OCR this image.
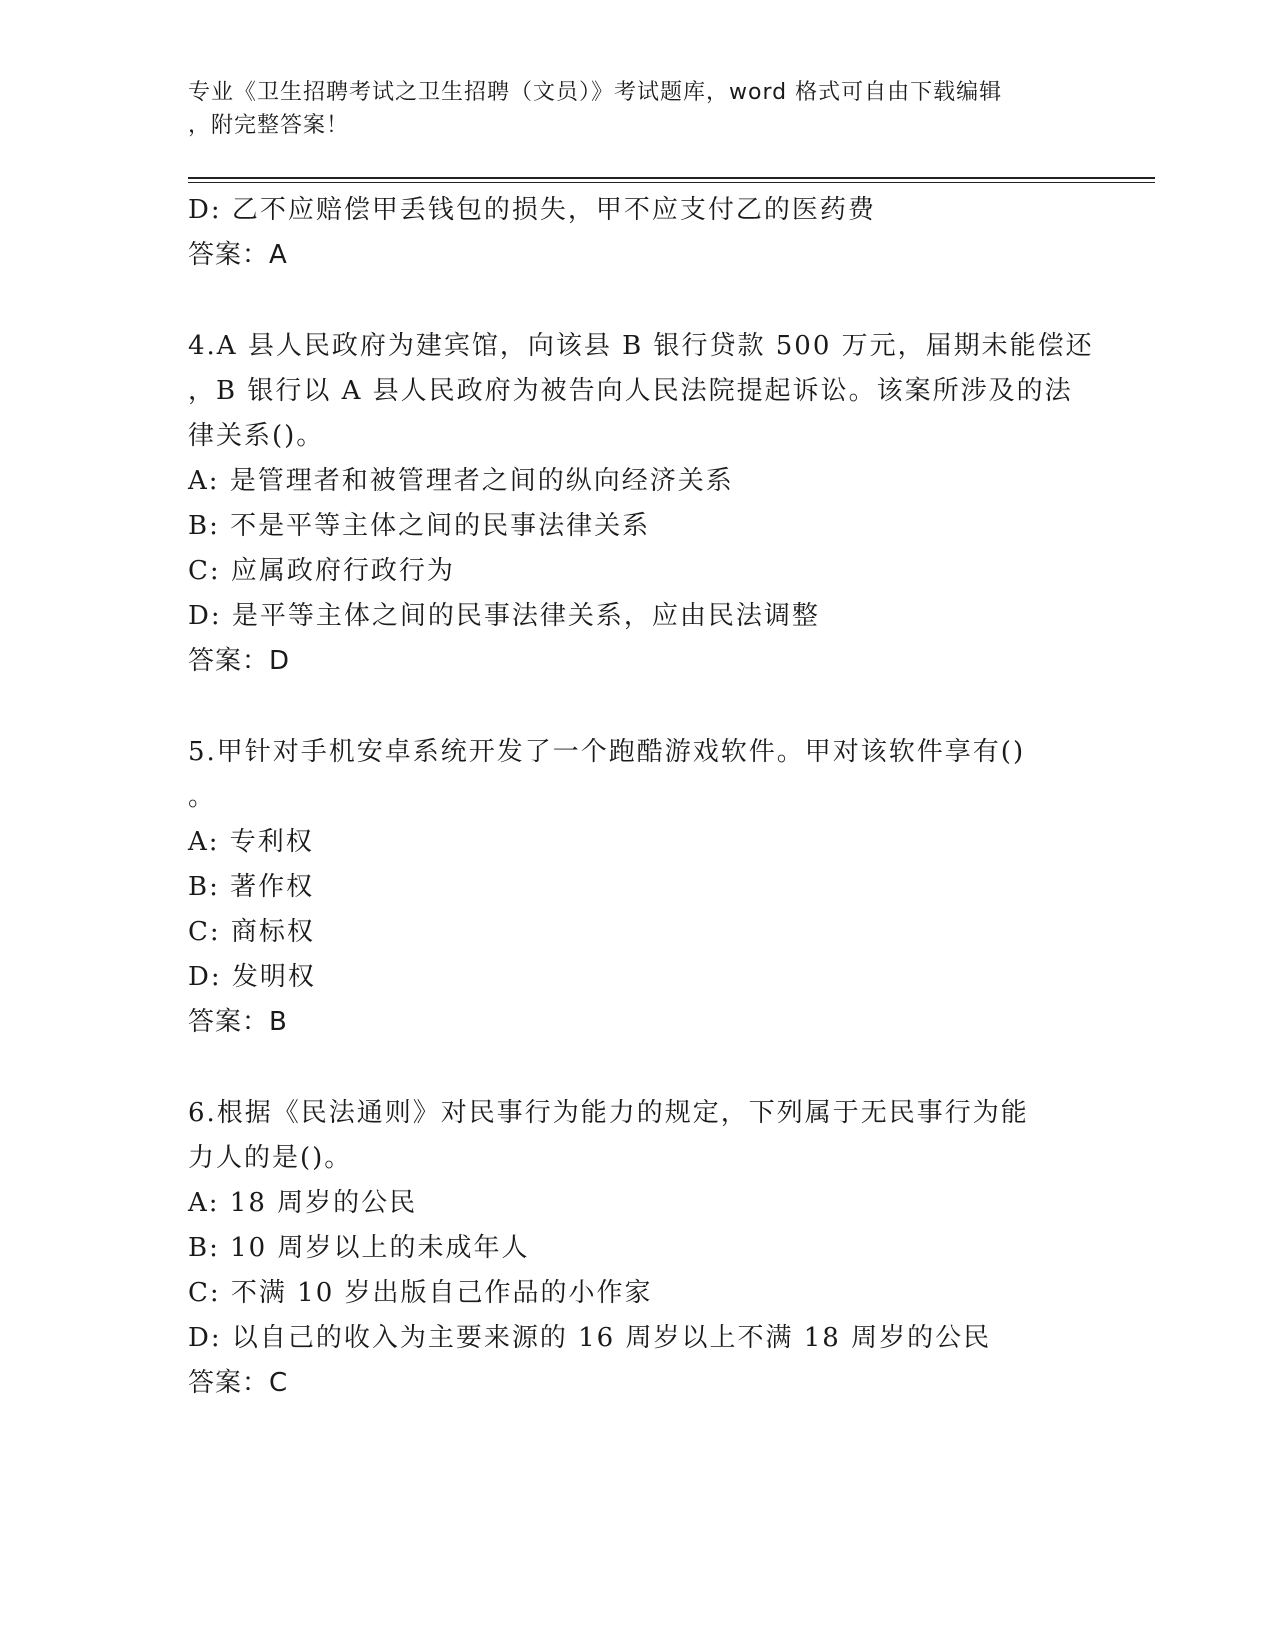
专业《卫生招聘考试之卫生招聘（文员）》考试题库，word 格式可自由下载编辑
，附完整答案！

D: 乙不应赔偿甲丢钱包的损失，甲不应支付乙的医药费

答案：A

4.A 县人民政府为建宾馆，向该县 B 银行贷款 500 万元，届期未能偿还

，B 银行以 A 县人民政府为被告向人民法院提起诉讼。该案所涉及的法

律关系()。

A: 是管理者和被管理者之间的纵向经济关系

B: 不是平等主体之间的民事法律关系

C: 应属政府行政行为

D: 是平等主体之间的民事法律关系，应由民法调整

答案：D

5.甲针对手机安卓系统开发了一个跑酷游戏软件。甲对该软件享有()

。

A: 专利权

B: 著作权

C: 商标权

D: 发明权

答案：B

6.根据《民法通则》对民事行为能力的规定，下列属于无民事行为能

力人的是()。

A: 18 周岁的公民

B: 10 周岁以上的未成年人

C: 不满 10 岁出版自己作品的小作家

D: 以自己的收入为主要来源的 16 周岁以上不满 18 周岁的公民

答案：C
